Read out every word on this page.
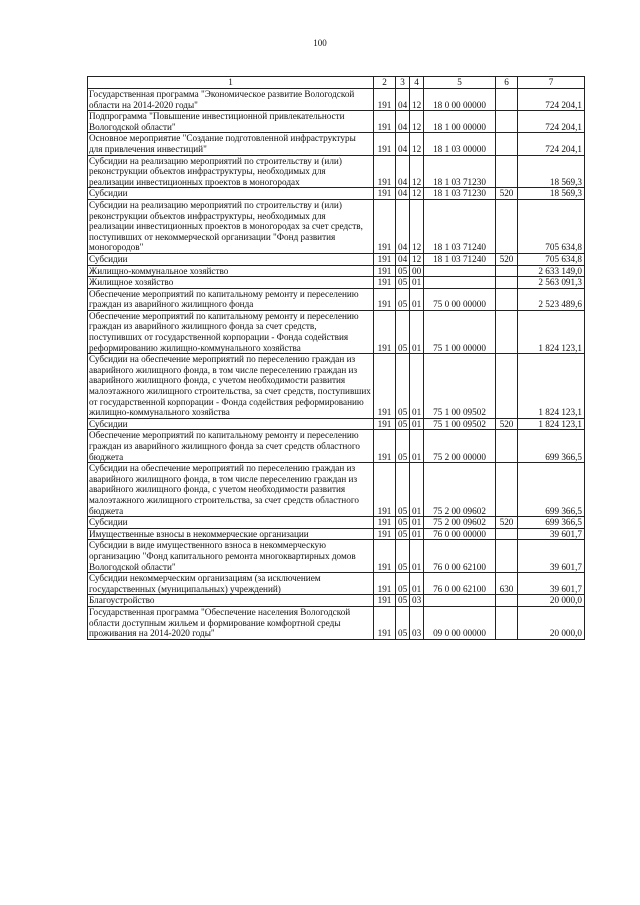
100
1	2	3	4	5	6	7
Государственная программа "Экономическое развитие Вологодской области на 2014-2020 годы"	191	04	12	18 0 00 00000		724 204,1
Подпрограмма "Повышение инвестиционной привлекательности Вологодской области"	191	04	12	18 1 00 00000		724 204,1
Основное мероприятие "Создание подготовленной инфраструктуры для привлечения инвестиций"	191	04	12	18 1 03 00000		724 204,1
Субсидии на реализацию мероприятий по строительству и (или) реконструкции объектов инфраструктуры, необходимых для реализации инвестиционных проектов в моногородах	191	04	12	18 1 03 71230		18 569,3
Субсидии	191	04	12	18 1 03 71230	520	18 569,3
Субсидии на реализацию мероприятий по строительству и (или) реконструкции объектов инфраструктуры, необходимых для реализации инвестиционных проектов в моногородах за счет средств, поступивших от некоммерческой организации "Фонд развития моногородов"	191	04	12	18 1 03 71240		705 634,8
Субсидии	191	04	12	18 1 03 71240	520	705 634,8
Жилищно-коммунальное хозяйство	191	05	00			2 633 149,0
Жилищное хозяйство	191	05	01			2 563 091,3
Обеспечение мероприятий по капитальному ремонту и переселению граждан из аварийного жилищного фонда	191	05	01	75 0 00 00000		2 523 489,6
Обеспечение мероприятий по капитальному ремонту и переселению граждан из аварийного жилищного фонда за счет средств, поступивших от государственной корпорации - Фонда содействия реформированию жилищно-коммунального хозяйства	191	05	01	75 1 00 00000		1 824 123,1
Субсидии на обеспечение мероприятий по переселению граждан из аварийного жилищного фонда, в том числе переселению граждан из аварийного жилищного фонда, с учетом необходимости развития малоэтажного жилищного строительства, за счет средств, поступивших от государственной корпорации - Фонда содействия реформированию жилищно-коммунального хозяйства	191	05	01	75 1 00 09502		1 824 123,1
Субсидии	191	05	01	75 1 00 09502	520	1 824 123,1
Обеспечение мероприятий по капитальному ремонту и переселению граждан из аварийного жилищного фонда за счет средств областного бюджета	191	05	01	75 2 00 00000		699 366,5
Субсидии на обеспечение мероприятий по переселению граждан из аварийного жилищного фонда, в том числе переселению граждан из аварийного жилищного фонда, с учетом необходимости развития малоэтажного жилищного строительства, за счет средств областного бюджета	191	05	01	75 2 00 09602		699 366,5
Субсидии	191	05	01	75 2 00 09602	520	699 366,5
Имущественные взносы в некоммерческие организации	191	05	01	76 0 00 00000		39 601,7
Субсидии в виде имущественного взноса в некоммерческую организацию "Фонд капитального ремонта многоквартирных домов Вологодской области"	191	05	01	76 0 00 62100		39 601,7
Субсидии некоммерческим организациям (за исключением государственных (муниципальных) учреждений)	191	05	01	76 0 00 62100	630	39 601,7
Благоустройство	191	05	03			20 000,0
Государственная программа "Обеспечение населения Вологодской области доступным жильем и формирование комфортной среды проживания на 2014-2020 годы"	191	05	03	09 0 00 00000		20 000,0
